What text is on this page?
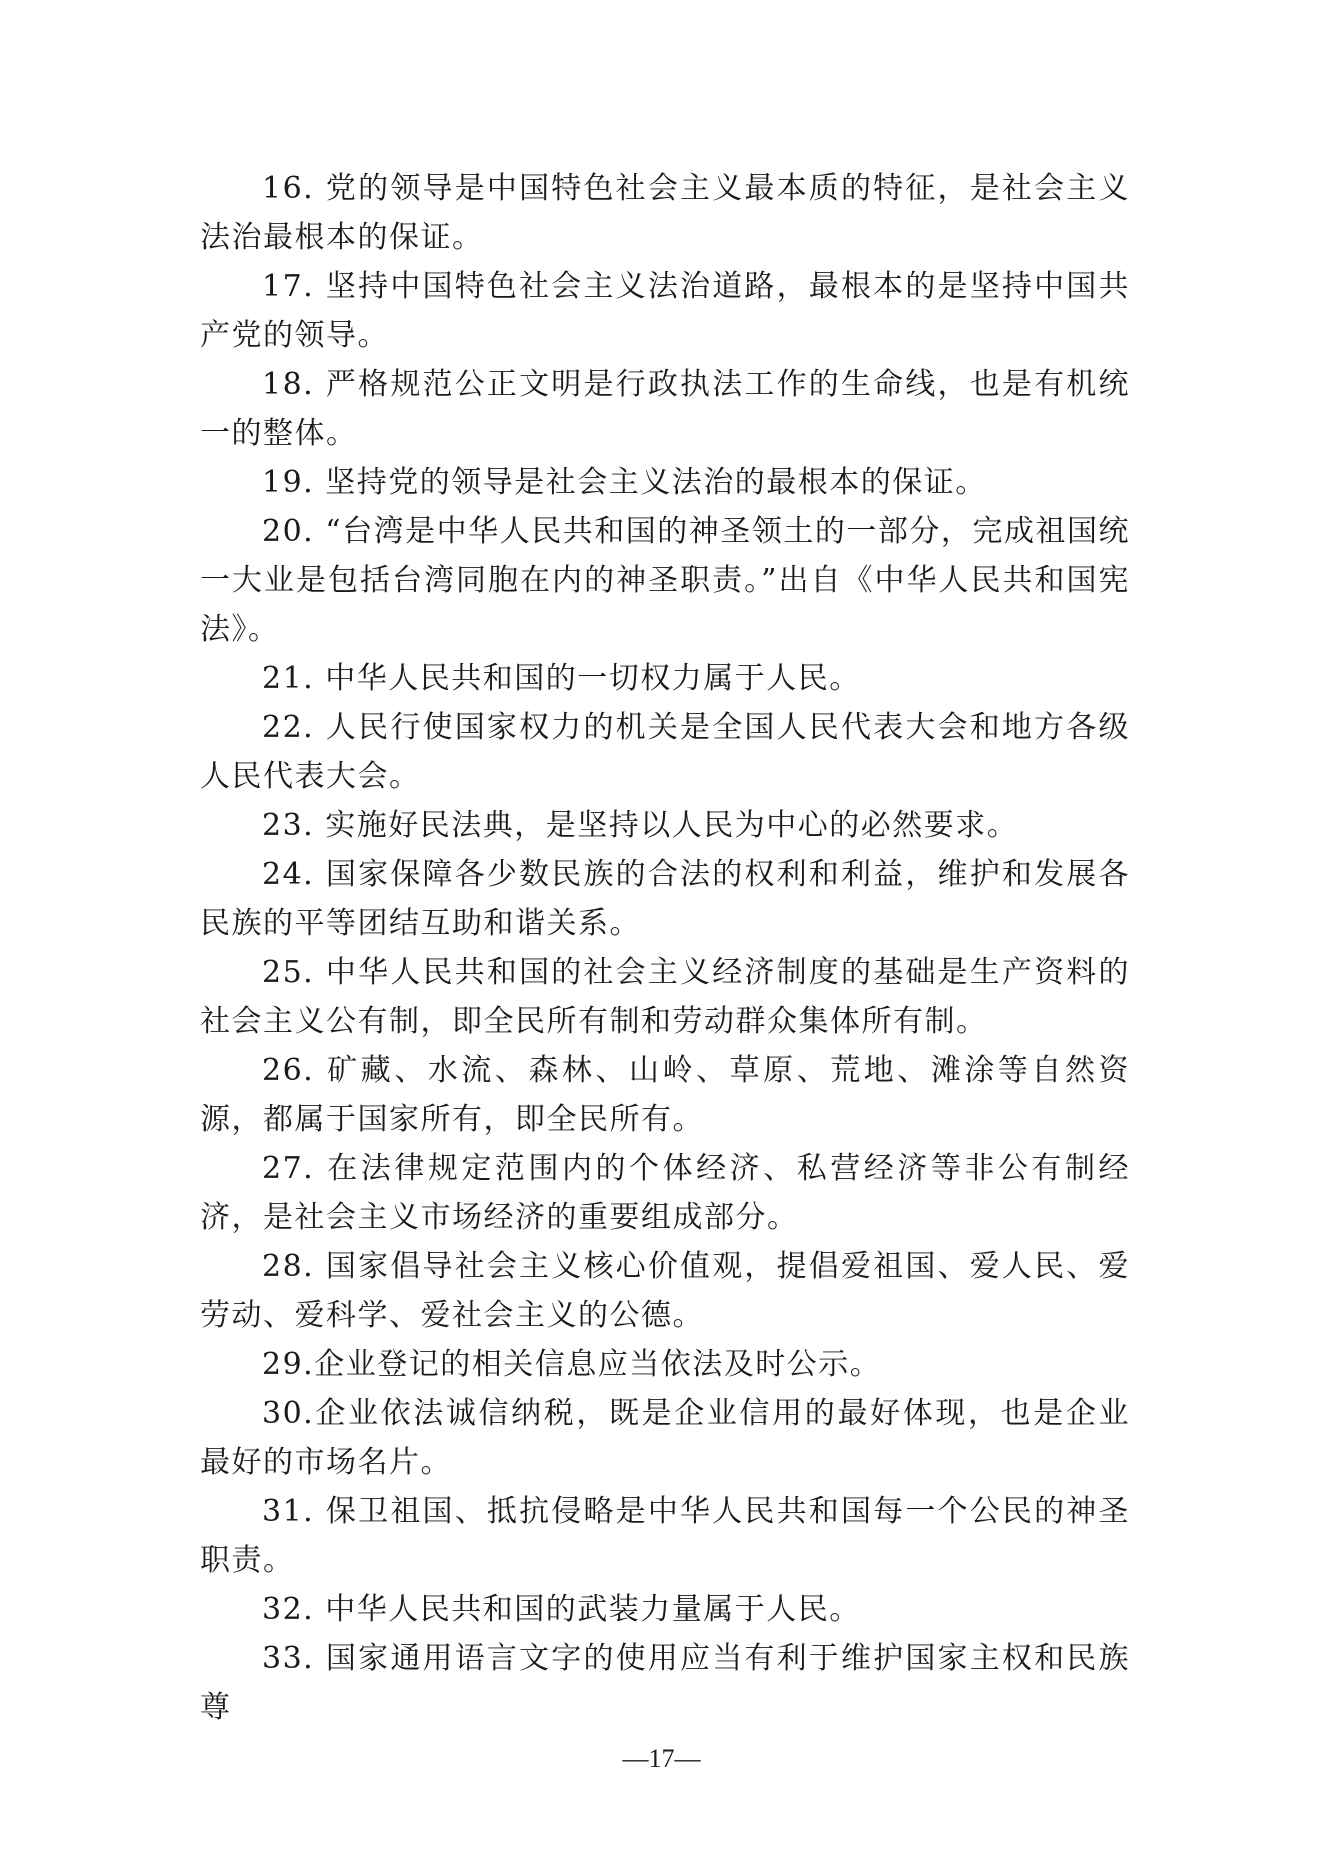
16. 党的领导是中国特色社会主义最本质的特征，是社会主义法治最根本的保证。

17. 坚持中国特色社会主义法治道路，最根本的是坚持中国共产党的领导。

18. 严格规范公正文明是行政执法工作的生命线，也是有机统一的整体。

19. 坚持党的领导是社会主义法治的最根本的保证。

20. “台湾是中华人民共和国的神圣领土的一部分，完成祖国统一大业是包括台湾同胞在内的神圣职责。”出自《中华人民共和国宪法》。

21. 中华人民共和国的一切权力属于人民。

22. 人民行使国家权力的机关是全国人民代表大会和地方各级人民代表大会。

23. 实施好民法典，是坚持以人民为中心的必然要求。

24. 国家保障各少数民族的合法的权利和利益，维护和发展各民族的平等团结互助和谐关系。

25. 中华人民共和国的社会主义经济制度的基础是生产资料的社会主义公有制，即全民所有制和劳动群众集体所有制。

26. 矿藏、水流、森林、山岭、草原、荒地、滩涂等自然资源，都属于国家所有，即全民所有。

27. 在法律规定范围内的个体经济、私营经济等非公有制经济，是社会主义市场经济的重要组成部分。

28. 国家倡导社会主义核心价值观，提倡爱祖国、爱人民、爱劳动、爱科学、爱社会主义的公德。

29.企业登记的相关信息应当依法及时公示。

30.企业依法诚信纳税，既是企业信用的最好体现，也是企业最好的市场名片。

31. 保卫祖国、抵抗侵略是中华人民共和国每一个公民的神圣职责。

32. 中华人民共和国的武装力量属于人民。

33. 国家通用语言文字的使用应当有利于维护国家主权和民族尊

—17—
